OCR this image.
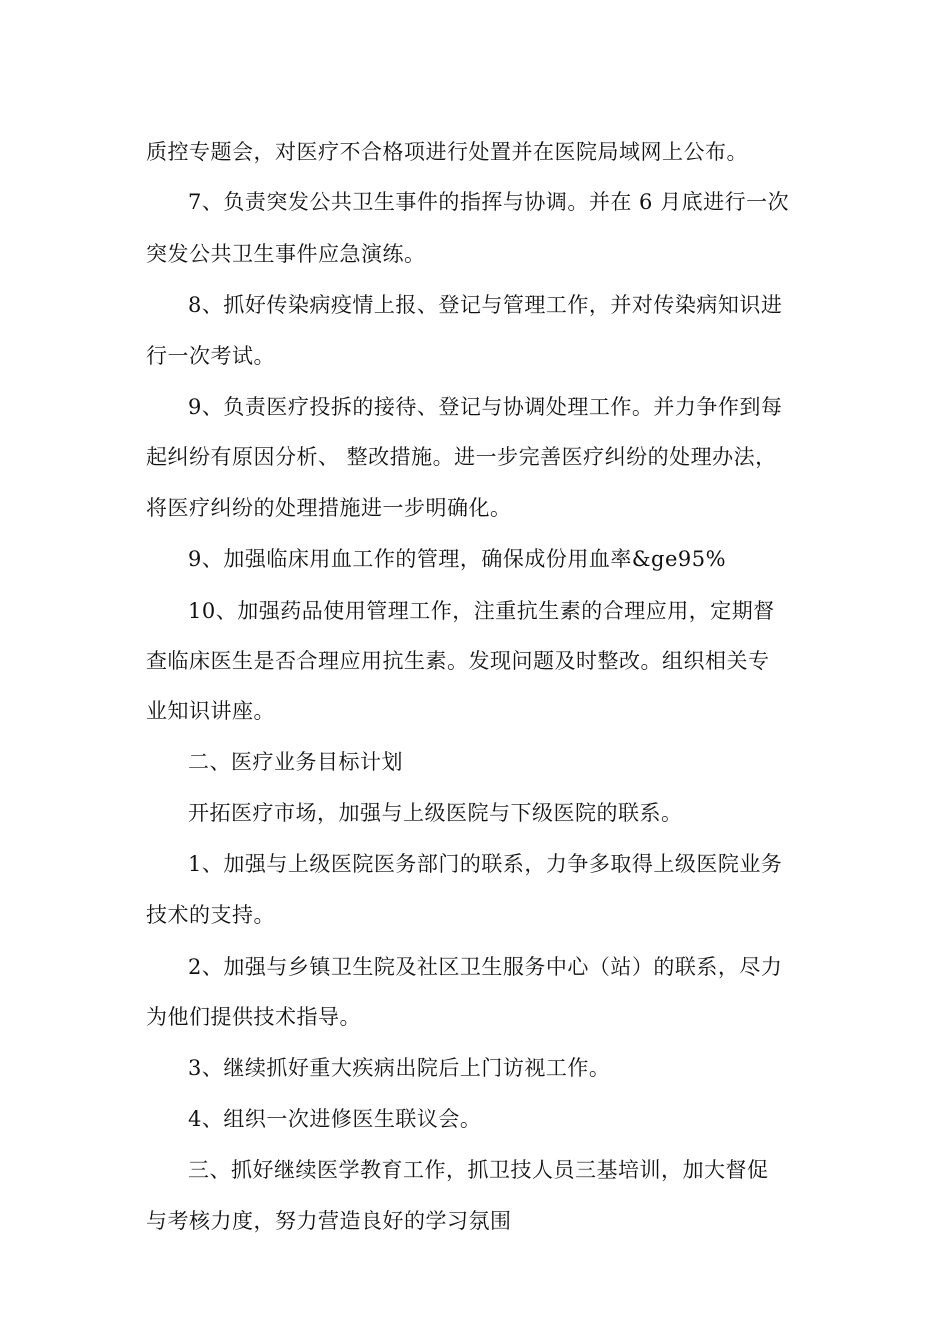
质控专题会，对医疗不合格项进行处置并在医院局域网上公布。
7、负责突发公共卫生事件的指挥与协调。并在 6 月底进行一次
突发公共卫生事件应急演练。
8、抓好传染病疫情上报、登记与管理工作，并对传染病知识进
行一次考试。
9、负责医疗投拆的接待、登记与协调处理工作。并力争作到每
起纠纷有原因分析、 整改措施。进一步完善医疗纠纷的处理办法，
将医疗纠纷的处理措施进一步明确化。
9、加强临床用血工作的管理，确保成份用血率&ge95%
10、加强药品使用管理工作，注重抗生素的合理应用，定期督
查临床医生是否合理应用抗生素。发现问题及时整改。组织相关专
业知识讲座。
二、医疗业务目标计划
开拓医疗市场，加强与上级医院与下级医院的联系。
1、加强与上级医院医务部门的联系，力争多取得上级医院业务
技术的支持。
2、加强与乡镇卫生院及社区卫生服务中心（站）的联系，尽力
为他们提供技术指导。
3、继续抓好重大疾病出院后上门访视工作。
4、组织一次进修医生联议会。
三、抓好继续医学教育工作，抓卫技人员三基培训，加大督促
与考核力度，努力营造良好的学习氛围
